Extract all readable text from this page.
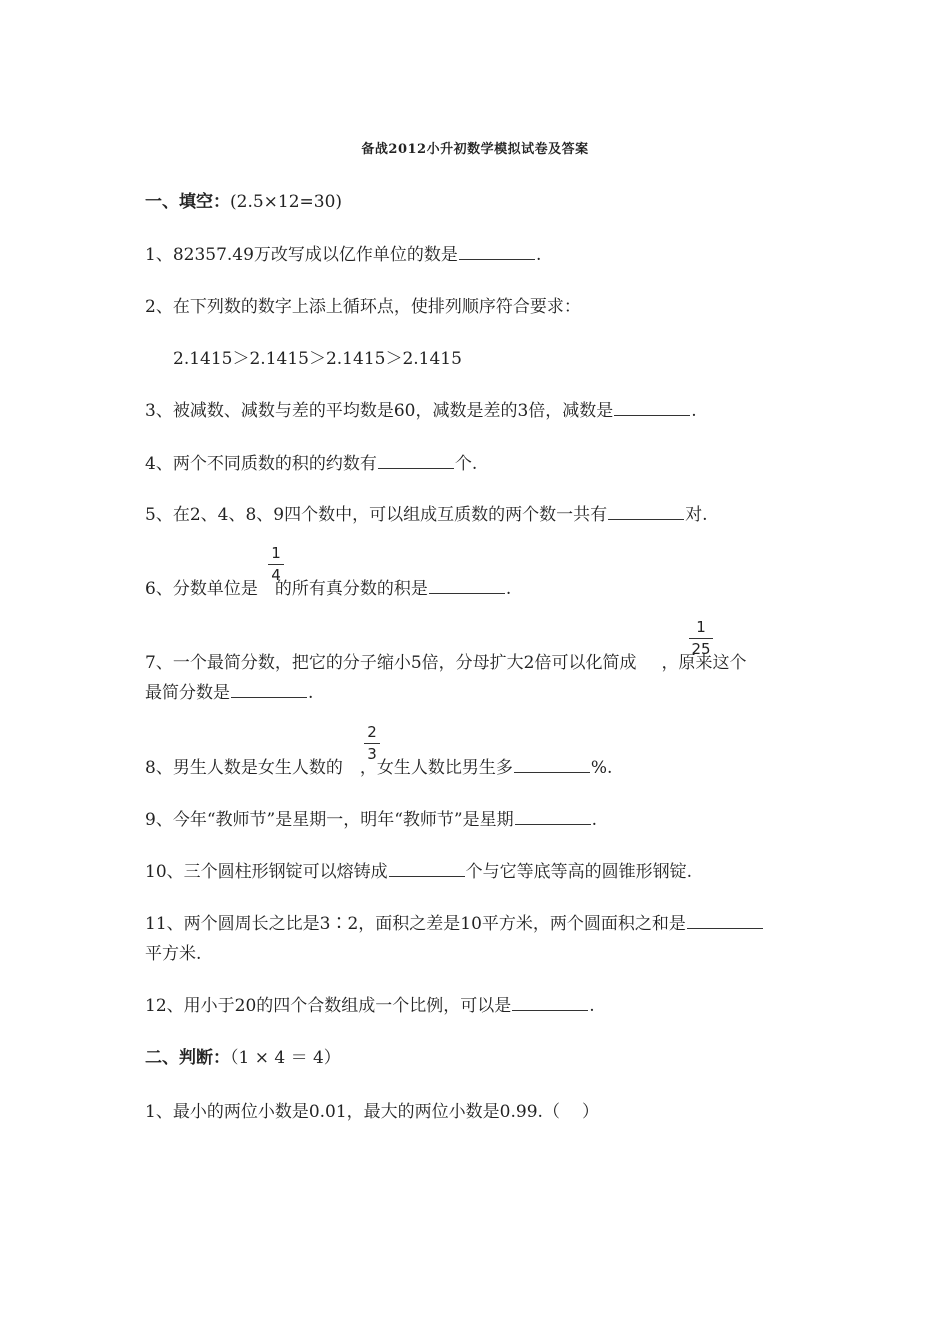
备战2012小升初数学模拟试卷及答案
一、填空：(2.5×12=30)
1、82357.49万改写成以亿作单位的数是	.
2、在下列数的数字上添上循环点，使排列顺序符合要求：
2.1415＞2.1415＞2.1415＞2.1415
3、被减数、减数与差的平均数是60，减数是差的3倍，减数是	.
4、两个不同质数的积的约数有	个.
5、在2、4、8、9四个数中，可以组成互质数的两个数一共有	对.
1
4
6、分数单位是 的所有真分数的积是	.
1
25
7、一个最简分数，把它的分子缩小5倍，分母扩大2倍可以化简成 ，原来这个
最简分数是	.
2
3
8、男生人数是女生人数的 ，女生人数比男生多	%.
9、今年“教师节”是星期一，明年“教师节”是星期	.
10、三个圆柱形钢锭可以熔铸成	个与它等底等高的圆锥形钢锭.
11、两个圆周长之比是3∶2，面积之差是10平方米，两个圆面积之和是
平方米.
12、用小于20的四个合数组成一个比例，可以是	.
二、判断：（1 × 4 ＝ 4）
1、最小的两位小数是0.01，最大的两位小数是0.99.（ ）
